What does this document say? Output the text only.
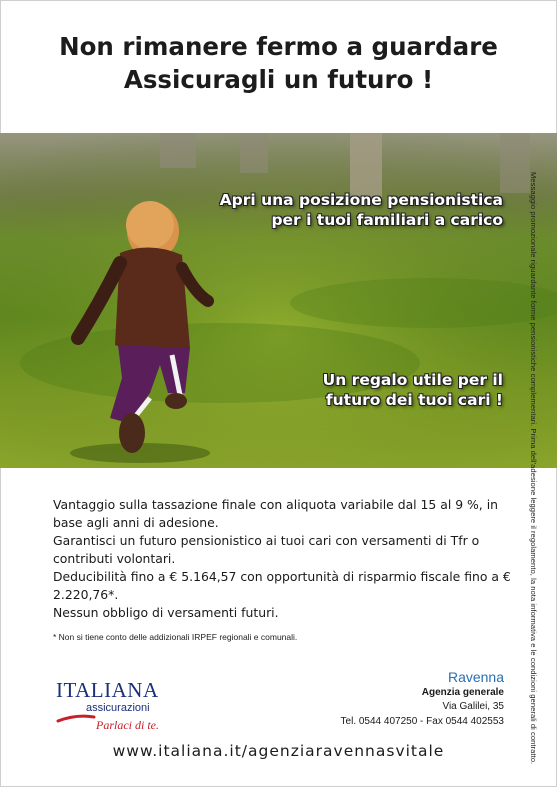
Non rimanere fermo a guardare
Assicuragli un futuro !
Apri una posizione pensionistica
per i tuoi familiari a carico
Un regalo utile per il
futuro dei tuoi cari !	Messaggio promozionale riguardante forme pensionistiche complementari. Prima dell'adesione leggere il regolamento, la nota informativa e le condizioni generali di contratto.

Vantaggio sulla tassazione finale con aliquota variabile dal 15 al 9 %, in base agli anni di adesione.

Garantisci un futuro pensionistico ai tuoi cari con versamenti di Tfr o contributi volontari.

Deducibilità fino a € 5.164,57 con opportunità di risparmio fiscale fino a € 2.220,76*.

Nessun obbligo di versamenti futuri.

* Non si tiene conto delle addizionali IRPEF regionali e comunali.
ITALIANA
assicurazioni
Parlaci di te.
Ravenna
Agenzia generale
Via Galilei, 35
Tel. 0544 407250 - Fax 0544 402553
www.italiana.it/agenziaravennasvitale
